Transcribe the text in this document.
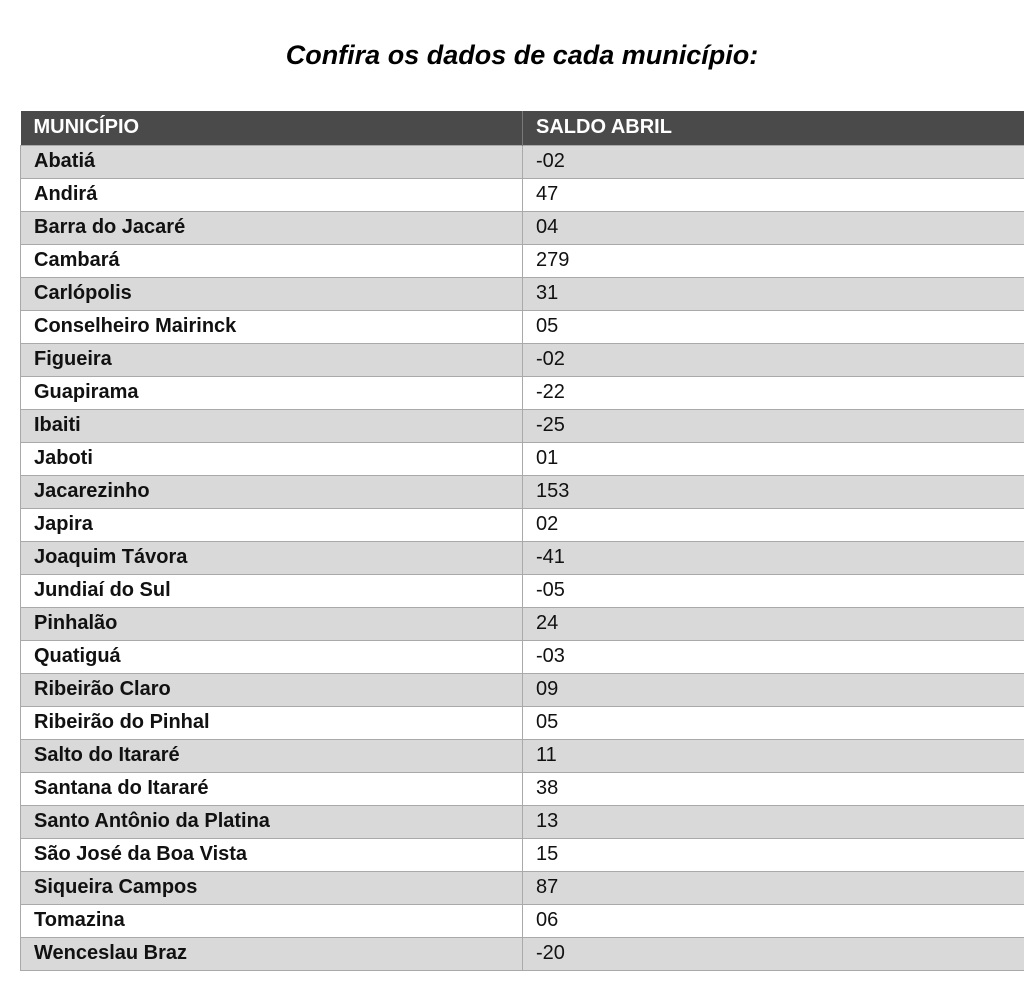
Confira os dados de cada município:
MUNICÍPIO	SALDO ABRIL
Abatiá	-02
Andirá	47
Barra do Jacaré	04
Cambará	279
Carlópolis	31
Conselheiro Mairinck	05
Figueira	-02
Guapirama	-22
Ibaiti	-25
Jaboti	01
Jacarezinho	153
Japira	02
Joaquim Távora	-41
Jundiaí do Sul	-05
Pinhalão	24
Quatiguá	-03
Ribeirão Claro	09
Ribeirão do Pinhal	05
Salto do Itararé	11
Santana do Itararé	38
Santo Antônio da Platina	13
São José da Boa Vista	15
Siqueira Campos	87
Tomazina	06
Wenceslau Braz	-20
